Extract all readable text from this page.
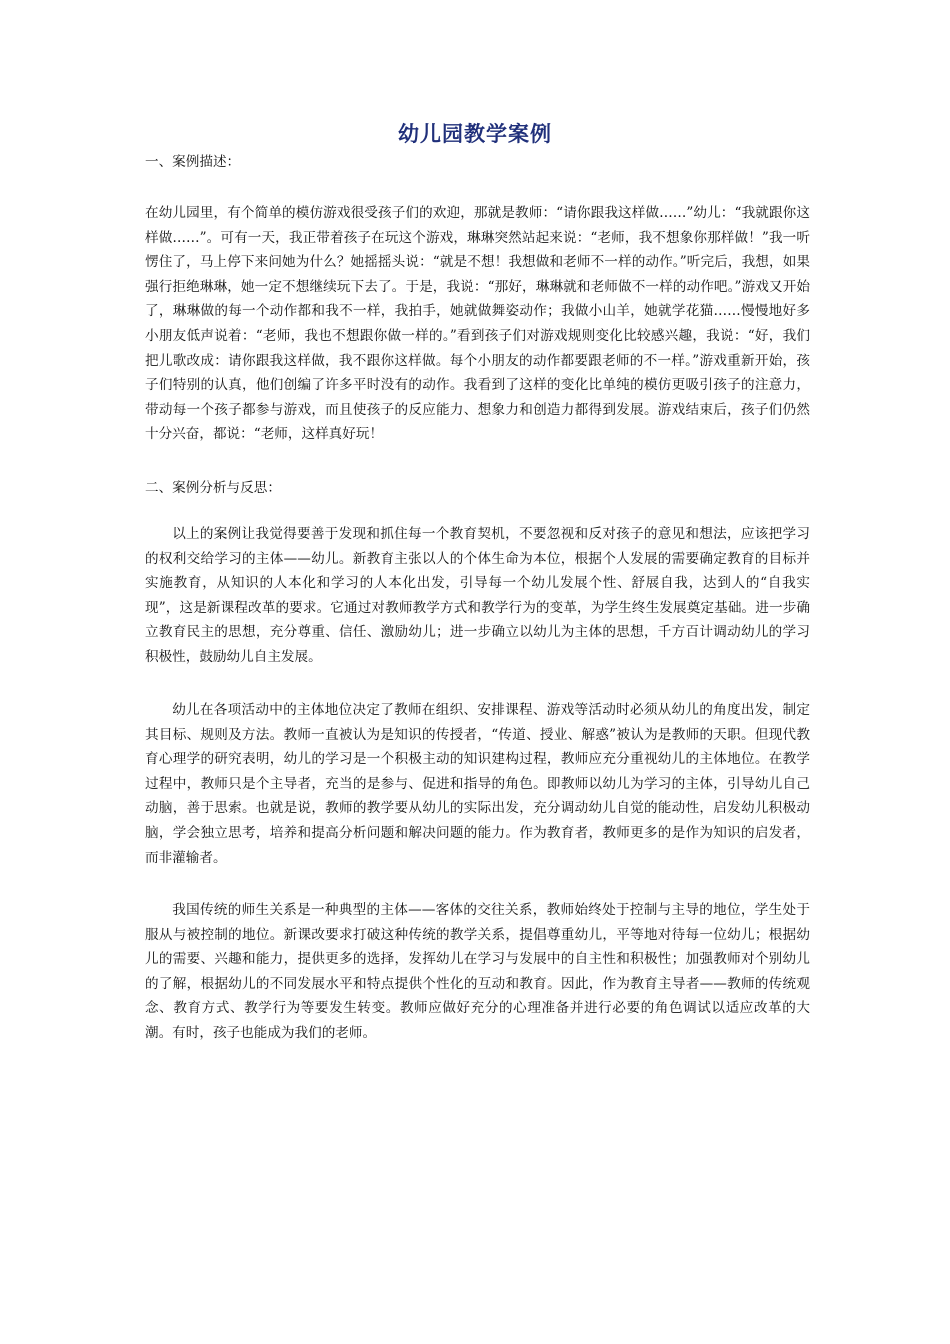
幼儿园教学案例

一、案例描述：

在幼儿园里，有个简单的模仿游戏很受孩子们的欢迎，那就是教师：“请你跟我这样做……”幼儿：“我就跟你这样做……”。可有一天，我正带着孩子在玩这个游戏，琳琳突然站起来说：“老师，我不想象你那样做！”我一听愣住了，马上停下来问她为什么？她摇摇头说：“就是不想！我想做和老师不一样的动作。”听完后，我想，如果强行拒绝琳琳，她一定不想继续玩下去了。于是，我说：“那好，琳琳就和老师做不一样的动作吧。”游戏又开始了，琳琳做的每一个动作都和我不一样，我拍手，她就做舞姿动作；我做小山羊，她就学花猫……慢慢地好多小朋友低声说着：“老师，我也不想跟你做一样的。”看到孩子们对游戏规则变化比较感兴趣，我说：“好，我们把儿歌改成：请你跟我这样做，我不跟你这样做。每个小朋友的动作都要跟老师的不一样。”游戏重新开始，孩子们特别的认真，他们创编了许多平时没有的动作。我看到了这样的变化比单纯的模仿更吸引孩子的注意力，带动每一个孩子都参与游戏，而且使孩子的反应能力、想象力和创造力都得到发展。游戏结束后，孩子们仍然十分兴奋，都说：“老师，这样真好玩！

二、案例分析与反思：

以上的案例让我觉得要善于发现和抓住每一个教育契机，不要忽视和反对孩子的意见和想法，应该把学习的权利交给学习的主体——幼儿。新教育主张以人的个体生命为本位，根据个人发展的需要确定教育的目标并实施教育，从知识的人本化和学习的人本化出发，引导每一个幼儿发展个性、舒展自我，达到人的“自我实现”，这是新课程改革的要求。它通过对教师教学方式和教学行为的变革，为学生终生发展奠定基础。进一步确立教育民主的思想，充分尊重、信任、激励幼儿；进一步确立以幼儿为主体的思想，千方百计调动幼儿的学习积极性，鼓励幼儿自主发展。

幼儿在各项活动中的主体地位决定了教师在组织、安排课程、游戏等活动时必须从幼儿的角度出发，制定其目标、规则及方法。教师一直被认为是知识的传授者，“传道、授业、解惑”被认为是教师的天职。但现代教育心理学的研究表明，幼儿的学习是一个积极主动的知识建构过程，教师应充分重视幼儿的主体地位。在教学过程中，教师只是个主导者，充当的是参与、促进和指导的角色。即教师以幼儿为学习的主体，引导幼儿自己动脑，善于思索。也就是说，教师的教学要从幼儿的实际出发，充分调动幼儿自觉的能动性，启发幼儿积极动脑，学会独立思考，培养和提高分析问题和解决问题的能力。作为教育者，教师更多的是作为知识的启发者，而非灌输者。

我国传统的师生关系是一种典型的主体——客体的交往关系，教师始终处于控制与主导的地位，学生处于服从与被控制的地位。新课改要求打破这种传统的教学关系，提倡尊重幼儿，平等地对待每一位幼儿；根据幼儿的需要、兴趣和能力，提供更多的选择，发挥幼儿在学习与发展中的自主性和积极性；加强教师对个别幼儿的了解，根据幼儿的不同发展水平和特点提供个性化的互动和教育。因此，作为教育主导者——教师的传统观念、教育方式、教学行为等要发生转变。教师应做好充分的心理准备并进行必要的角色调试以适应改革的大潮。有时，孩子也能成为我们的老师。
